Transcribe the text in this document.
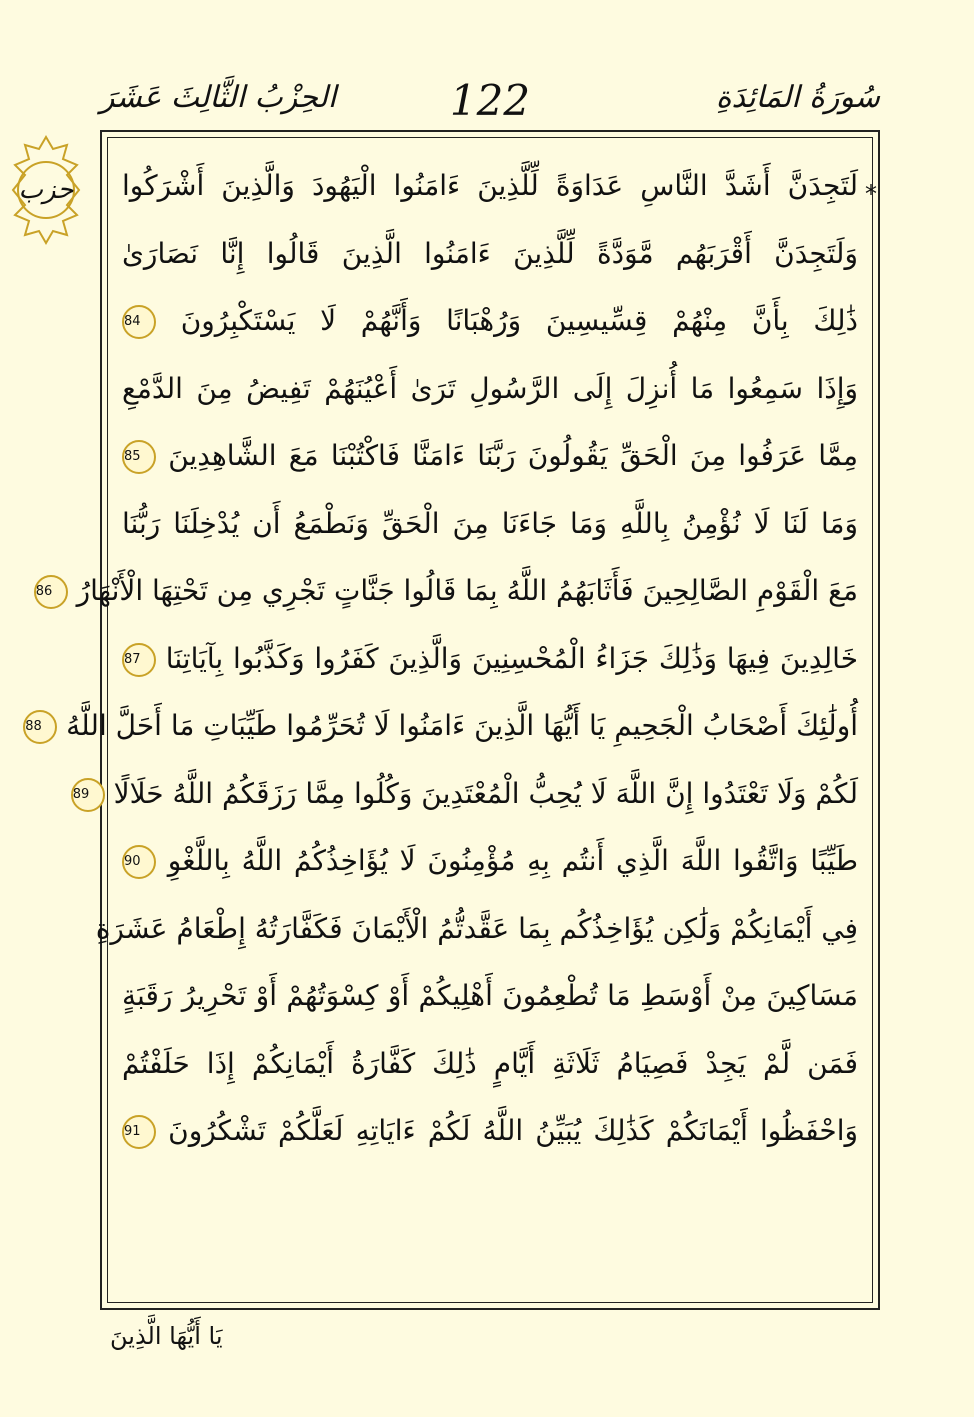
سُورَةُ المَائِدَةِ
122
الحِزْبُ الثَّالِثَ عَشَرَ
حزب	*
لَتَجِدَنَّ أَشَدَّ النَّاسِ عَدَاوَةً لِّلَّذِينَ ءَامَنُوا الْيَهُودَ وَالَّذِينَ أَشْرَكُوا
وَلَتَجِدَنَّ أَقْرَبَهُم مَّوَدَّةً لِّلَّذِينَ ءَامَنُوا الَّذِينَ قَالُوا إِنَّا نَصَارَىٰ
ذَٰلِكَ بِأَنَّ مِنْهُمْ قِسِّيسِينَ وَرُهْبَانًا وَأَنَّهُمْ لَا يَسْتَكْبِرُونَ 84
وَإِذَا سَمِعُوا مَا أُنزِلَ إِلَى الرَّسُولِ تَرَىٰ أَعْيُنَهُمْ تَفِيضُ مِنَ الدَّمْعِ
مِمَّا عَرَفُوا مِنَ الْحَقِّ يَقُولُونَ رَبَّنَا ءَامَنَّا فَاكْتُبْنَا مَعَ الشَّاهِدِينَ 85
وَمَا لَنَا لَا نُؤْمِنُ بِاللَّهِ وَمَا جَاءَنَا مِنَ الْحَقِّ وَنَطْمَعُ أَن يُدْخِلَنَا رَبُّنَا
مَعَ الْقَوْمِ الصَّالِحِينَ فَأَثَابَهُمُ اللَّهُ بِمَا قَالُوا جَنَّاتٍ تَجْرِي مِن تَحْتِهَا الْأَنْهَارُ 86
خَالِدِينَ فِيهَا وَذَٰلِكَ جَزَاءُ الْمُحْسِنِينَ وَالَّذِينَ كَفَرُوا وَكَذَّبُوا بِآيَاتِنَا 87
أُولَٰئِكَ أَصْحَابُ الْجَحِيمِ يَا أَيُّهَا الَّذِينَ ءَامَنُوا لَا تُحَرِّمُوا طَيِّبَاتِ مَا أَحَلَّ اللَّهُ 88
لَكُمْ وَلَا تَعْتَدُوا إِنَّ اللَّهَ لَا يُحِبُّ الْمُعْتَدِينَ وَكُلُوا مِمَّا رَزَقَكُمُ اللَّهُ حَلَالًا 89
طَيِّبًا وَاتَّقُوا اللَّهَ الَّذِي أَنتُم بِهِ مُؤْمِنُونَ لَا يُؤَاخِذُكُمُ اللَّهُ بِاللَّغْوِ 90
فِي أَيْمَانِكُمْ وَلَٰكِن يُؤَاخِذُكُم بِمَا عَقَّدتُّمُ الْأَيْمَانَ فَكَفَّارَتُهُ إِطْعَامُ عَشَرَةِ
مَسَاكِينَ مِنْ أَوْسَطِ مَا تُطْعِمُونَ أَهْلِيكُمْ أَوْ كِسْوَتُهُمْ أَوْ تَحْرِيرُ رَقَبَةٍ
فَمَن لَّمْ يَجِدْ فَصِيَامُ ثَلَاثَةِ أَيَّامٍ ذَٰلِكَ كَفَّارَةُ أَيْمَانِكُمْ إِذَا حَلَفْتُمْ
وَاحْفَظُوا أَيْمَانَكُمْ كَذَٰلِكَ يُبَيِّنُ اللَّهُ لَكُمْ ءَايَاتِهِ لَعَلَّكُمْ تَشْكُرُونَ 91
يَا أَيُّهَا الَّذِينَ
